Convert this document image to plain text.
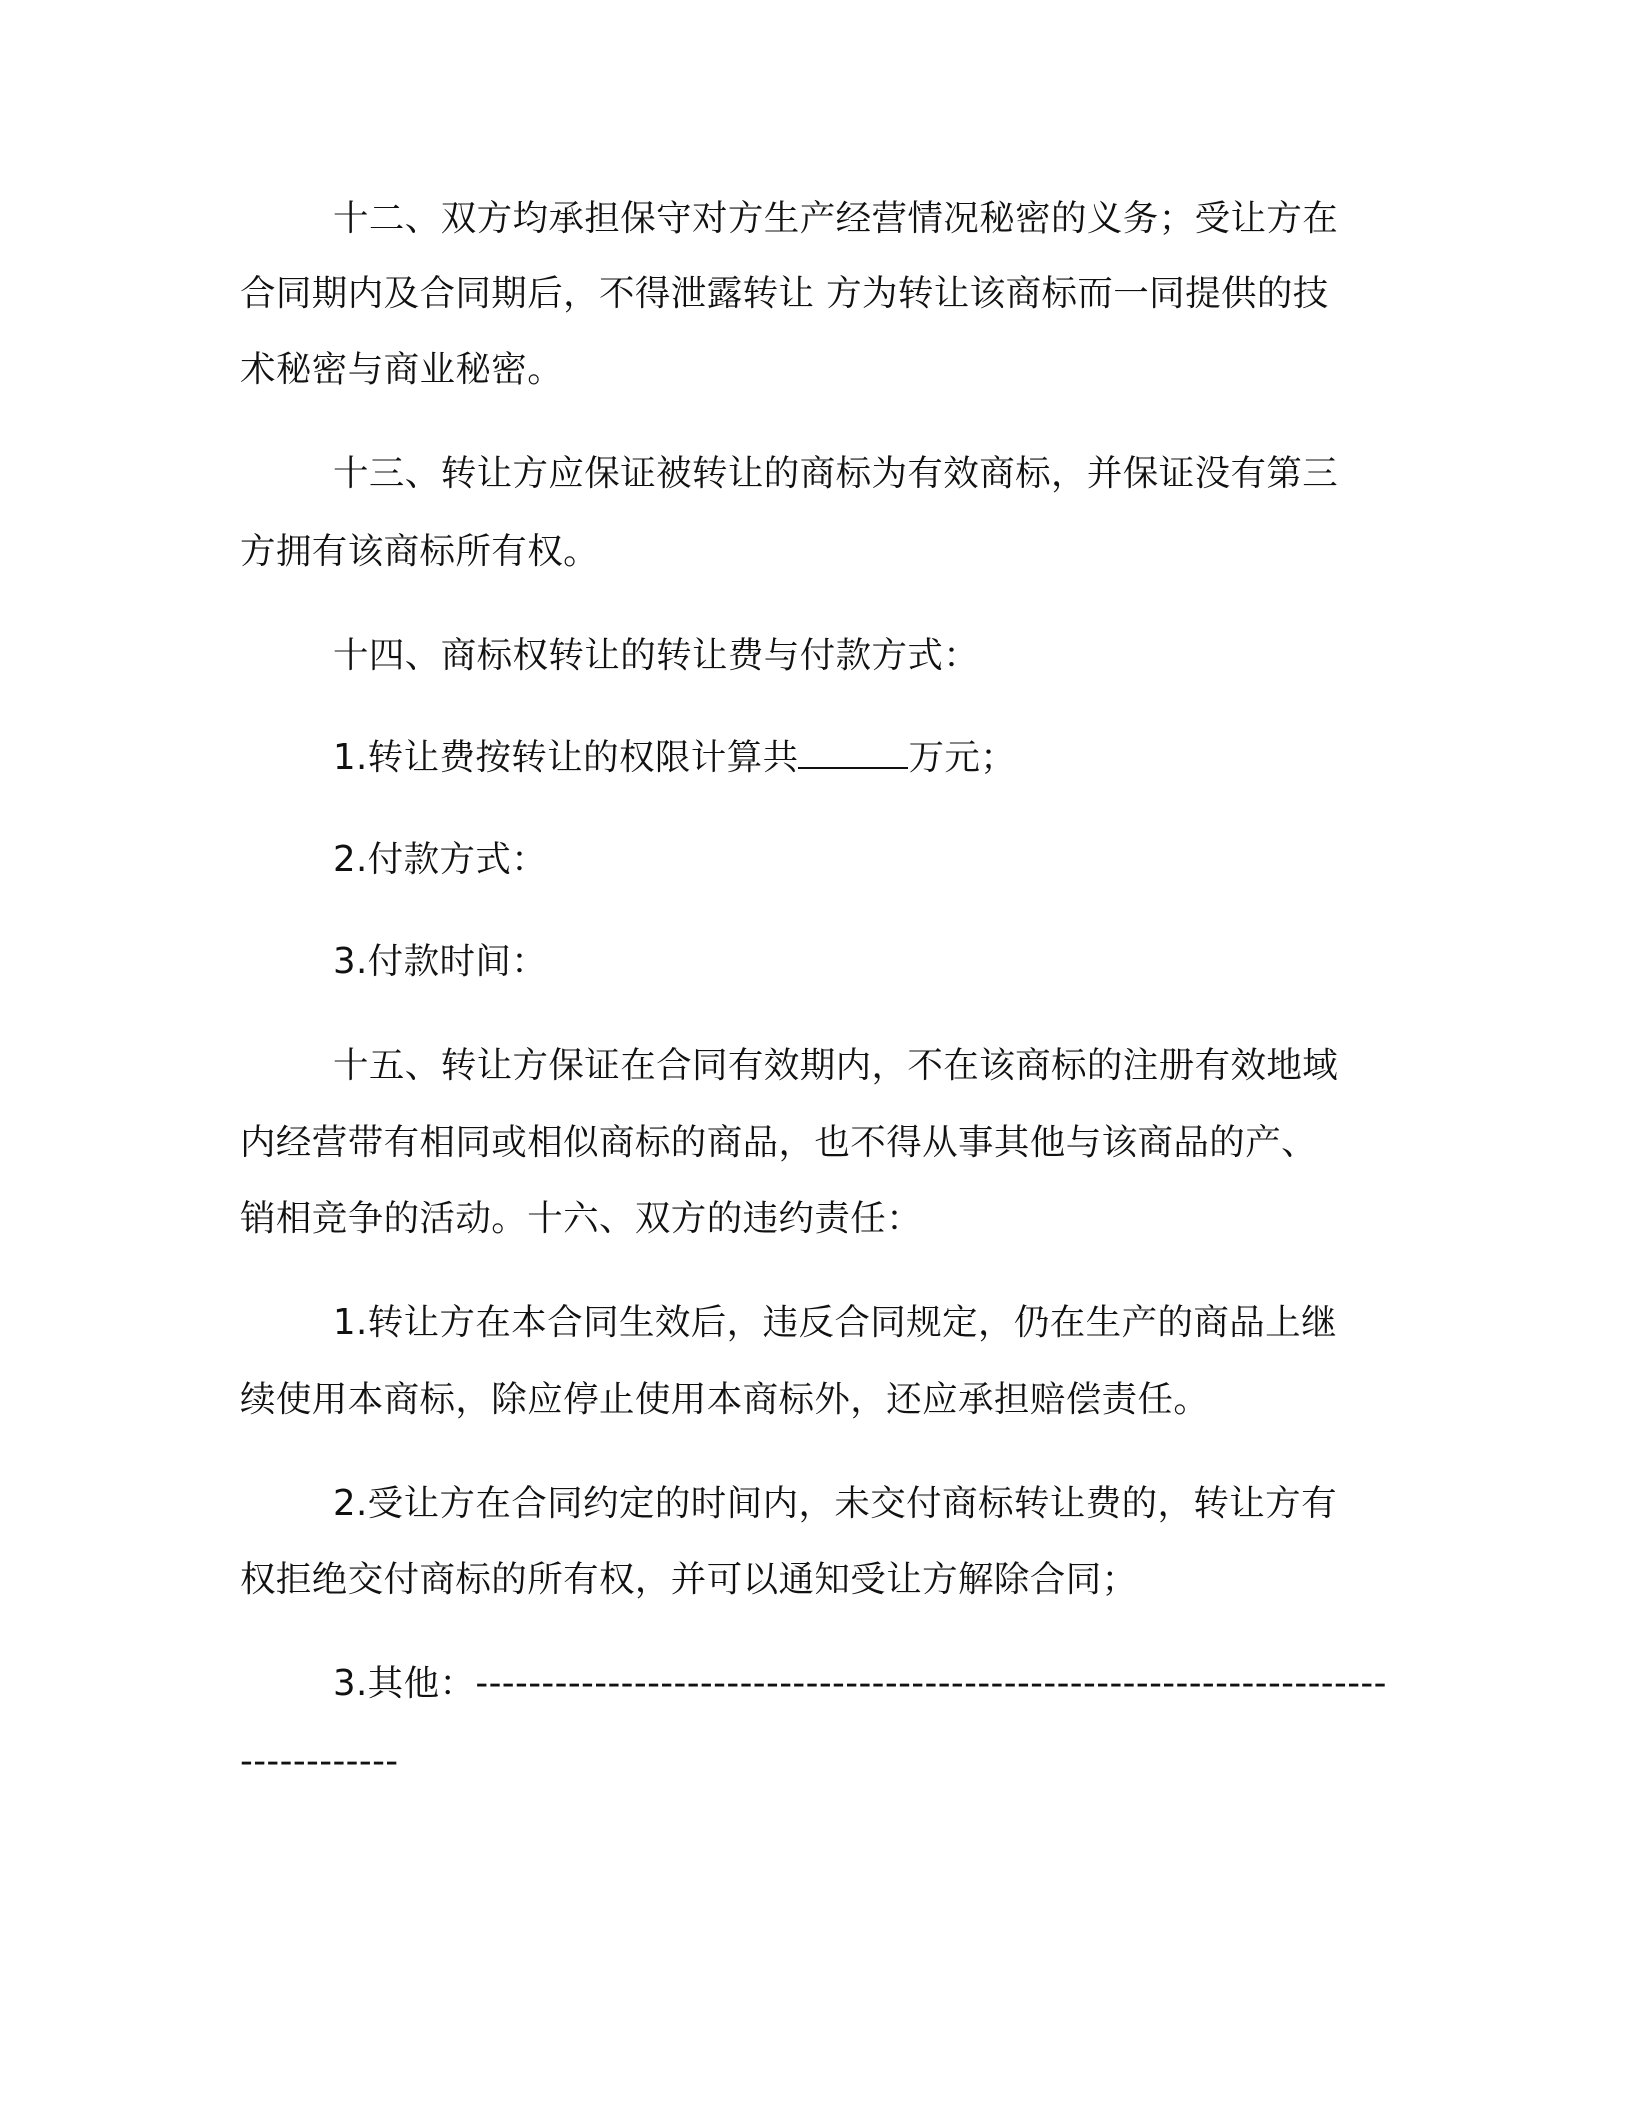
十二、双方均承担保守对方生产经营情况秘密的义务；受让方在
合同期内及合同期后，不得泄露转让 方为转让该商标而一同提供的技
术秘密与商业秘密。
十三、转让方应保证被转让的商标为有效商标，并保证没有第三
方拥有该商标所有权。
十四、商标权转让的转让费与付款方式：
1.转让费按转让的权限计算共	万元；
2.付款方式：
3.付款时间：
十五、转让方保证在合同有效期内，不在该商标的注册有效地域
内经营带有相同或相似商标的商品，也不得从事其他与该商品的产、
销相竞争的活动。十六、双方的违约责任：
1.转让方在本合同生效后，违反合同规定，仍在生产的商品上继
续使用本商标，除应停止使用本商标外，还应承担赔偿责任。
2.受让方在合同约定的时间内，未交付商标转让费的，转让方有
权拒绝交付商标的所有权，并可以通知受让方解除合同；
3.其他：---------------------------------------------------------------------
------------
